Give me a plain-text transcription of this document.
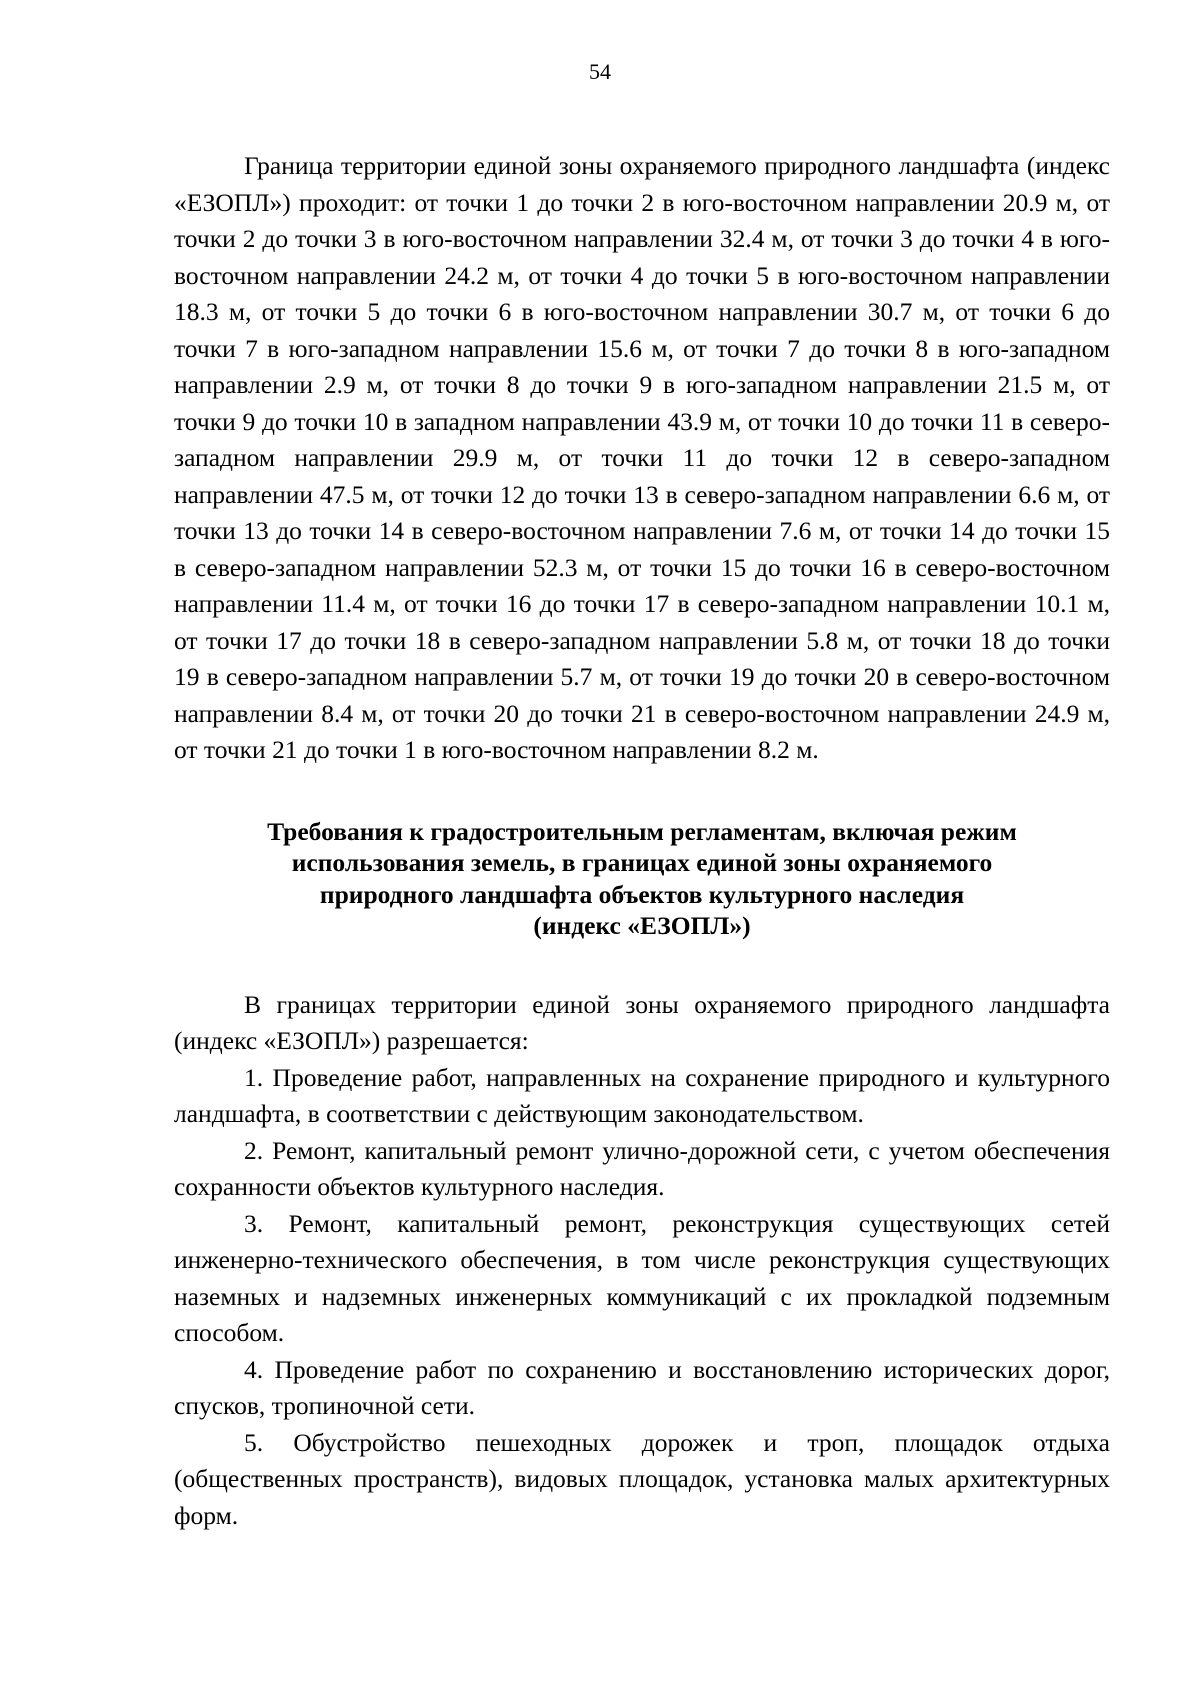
54

Граница территории единой зоны охраняемого природного ландшафта (индекс «ЕЗОПЛ») проходит: от точки 1 до точки 2 в юго-восточном направлении 20.9 м, от точки 2 до точки 3 в юго-восточном направлении 32.4 м, от точки 3 до точки 4 в юго-восточном направлении 24.2 м, от точки 4 до точки 5 в юго-восточном направлении 18.3 м, от точки 5 до точки 6 в юго-восточном направлении 30.7 м, от точки 6 до точки 7 в юго-западном направлении 15.6 м, от точки 7 до точки 8 в юго-западном направлении 2.9 м, от точки 8 до точки 9 в юго-западном направлении 21.5 м, от точки 9 до точки 10 в западном направлении 43.9 м, от точки 10 до точки 11 в северо-западном направлении 29.9 м, от точки 11 до точки 12 в северо-западном направлении 47.5 м, от точки 12 до точки 13 в северо-западном направлении 6.6 м, от точки 13 до точки 14 в северо-восточном направлении 7.6 м, от точки 14 до точки 15 в северо-западном направлении 52.3 м, от точки 15 до точки 16 в северо-восточном направлении 11.4 м, от точки 16 до точки 17 в северо-западном направлении 10.1 м, от точки 17 до точки 18 в северо-западном направлении 5.8 м, от точки 18 до точки 19 в северо-западном направлении 5.7 м, от точки 19 до точки 20 в северо-восточном направлении 8.4 м, от точки 20 до точки 21 в северо-восточном направлении 24.9 м, от точки 21 до точки 1 в юго-восточном направлении 8.2 м.

Требования к градостроительным регламентам, включая режим
использования земель, в границах единой зоны охраняемого
природного ландшафта объектов культурного наследия
(индекс «ЕЗОПЛ»)

В границах территории единой зоны охраняемого природного ландшафта (индекс «ЕЗОПЛ») разрешается:

1. Проведение работ, направленных на сохранение природного и культурного ландшафта, в соответствии с действующим законодательством.

2. Ремонт, капитальный ремонт улично-дорожной сети, с учетом обеспечения сохранности объектов культурного наследия.

3. Ремонт, капитальный ремонт, реконструкция существующих сетей инженерно-технического обеспечения, в том числе реконструкция существующих наземных и надземных инженерных коммуникаций с их прокладкой подземным способом.

4. Проведение работ по сохранению и восстановлению исторических дорог, спусков, тропиночной сети.

5. Обустройство пешеходных дорожек и троп, площадок отдыха (общественных пространств), видовых площадок, установка малых архитектурных форм.
